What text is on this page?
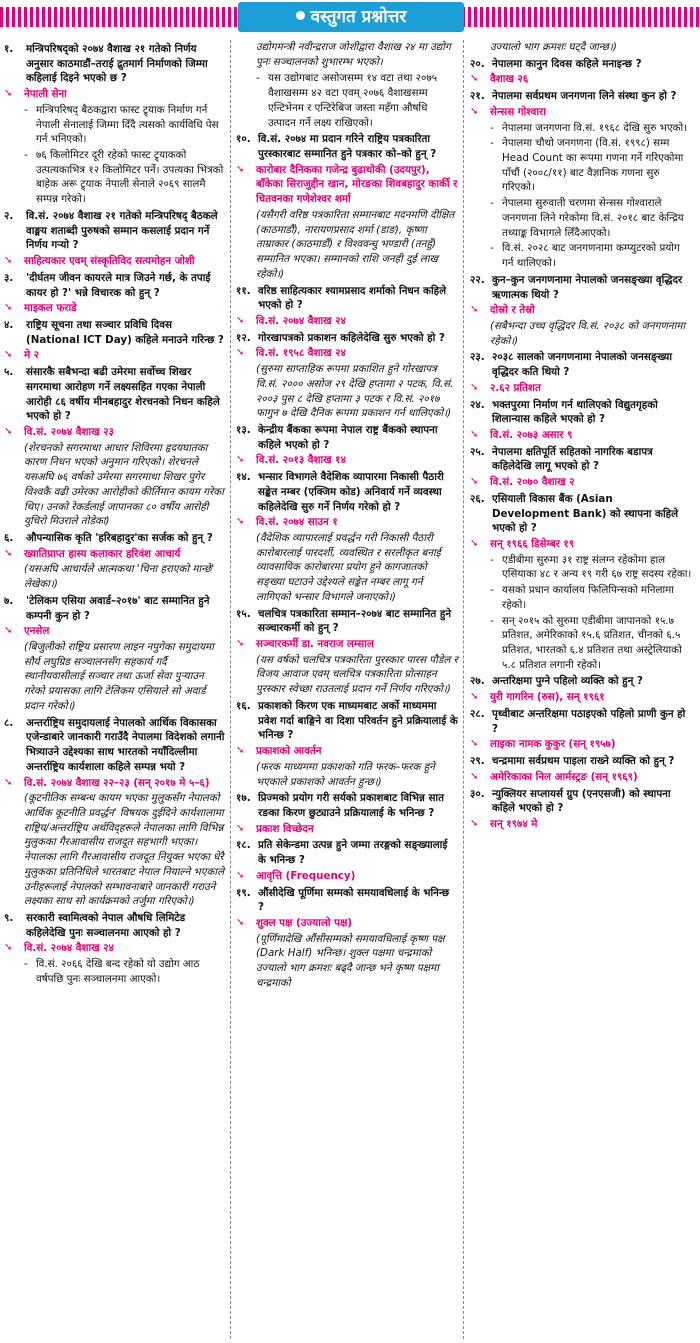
वस्तुगत प्रश्नोत्तर
१.	मन्त्रिपरिषद्को २०७४ वैशाख २१ गतेको निर्णय अनुसार काठमाडौं–तराई द्रुतमार्ग निर्माणको जिम्मा कहिलाई दिइने भएको छ ?
➘	नेपाली सेना
- मन्त्रिपरिषद् बैठकद्वारा फास्ट ट्र्याक निर्माण गर्न नेपाली सेनालाई जिम्मा दिँदै त्यसको कार्यविधि पेस गर्न भनिएको।
- ७६ किलोमिटर दूरी रहेको फास्ट ट्र्याकको उत्पत्यकाभित्र १२ किलोमिटर पर्ने। उपत्यका भित्रको बाहेक अरू ट्र्याक नेपाली सेनाले २०६९ सालमै सम्पन्न गरेको।
२.	वि.सं. २०७४ वैशाख २१ गतेको मन्त्रिपरिषद् बैठकले वाङ्मय शताब्दी पुरुषको सम्मान कसलाई प्रदान गर्ने निर्णय गऱ्यो ?
➘	साहित्यकार एवम् संस्कृतिविद सत्यमोहन जोशी
३.	'दीर्घतम जीवन कायरले मात्र जिउने गर्छ, के तपाई कायर हो ?' भन्ने विचारक को हुन् ?
➘	माइकल फराडे
४.	राष्ट्रिय सूचना तथा सञ्चार प्रविधि दिवस (National ICT Day) कहिले मनाउने गरिन्छ ?
➘	मे २
५.	संसारकै सबैभन्दा बढी उमेरमा सर्वोच्च शिखर सगरमाथा आरोहण गर्ने लक्ष्यसहित गएका नेपाली आरोही ८६ वर्षीय मीनबहादुर शेरचनको निधन कहिले भएको हो ?
➘	वि.सं. २०७४ वैशाख २३
(शेरचनको सगरमाथा आधार शिविरमा हृदयघातका कारण निधन भएको अनुमान गरिएको। शेरचनले यसअघि ७६ वर्षको उमेरमा सगरमाथा शिखर पुगेर विश्वकै वढी उमेरका आरोहीको कीर्तिमान कायम गरेका थिए। उनको रेकर्डलाई जापानका ८० वर्षीय आरोही युचिरो मिउराले तोडेका)
६.	औपन्यासिक कृति 'हरिबहादुर'का सर्जक को हुन् ?
➘	ख्यातिप्राप्त हास्य कलाकार हरिवंश आचार्य
(यसअघि आचार्यले आत्मकथा 'चिना हराएको मान्छे' लेखेका।)
७.	'टेलिकम एसिया अवार्ड–२०१७' बाट सम्मानित हुने कम्पनी कुन हो ?
➘	एनसेल
(बिजुलीको राष्ट्रिय प्रसारण लाइन नपुगेका समुदायमा सौर्य लघुग्रिड सञ्चालनसँग सहकार्य गर्दै स्थानीयवासीलाई सञ्चार तथा ऊर्जा सेवा पुऱ्याउन गरेको प्रयासका लागि टेलिकम एसियाले सो अवार्ड प्रदान गरेको।)
८.	अन्तर्राष्ट्रिय समुदायलाई नेपालको आर्थिक विकासका एजेन्डाबारे जानकारी गराउँदै नेपालमा विदेशको लगानी भित्र्याउने उद्देश्यका साथ भारतको नयाँदिल्लीमा अन्तर्राष्ट्रिय कार्यशाला कहिले सम्पन्न भयो ?
➘	वि.सं. २०७४ वैशाख २२–२३ (सन् २०१७ मे ५–६)
(कूटनीतिक सम्बन्ध कायम भएका मुलुकसँग नेपालको आर्थिक कूटनीति प्रवर्द्धन' विषयक दुईदिने कार्यशालामा राष्ट्रिय/अन्तर्राष्ट्रिय अर्थविद्हरूले नेपालका लागि विभिन्न मुलुकका गैरआवासीय राजदूत सहभागी भएका। नेपालका लागि गैरआवासीय राजदूत नियुक्त भएका धेरै मुलुकका प्रतिनिधिले भारतबाट नेपाल नियाल्ने भएकाले उनीहरूलाई नेपालको सम्भावनाबारे जानकारी गराउने लक्ष्यका साथ सो कार्यक्रमको तर्जुमा गरिएको।)
९.	सरकारी स्वामित्वको नेपाल औषधि लिमिटेड कहिलेदेखि पुनः सञ्चालनमा आएको हो ?
➘	वि.सं. २०७४ वैशाख २४
- वि.सं. २०६६ देखि बन्द रहेको यो उद्योग आठ वर्षपछि पुनः सञ्चालनमा आएको।
उद्योगमन्त्री नवीन्द्रराज जोशीद्वारा वैशाख २४ मा उद्योग पुनः सञ्चालनको शुभारम्भ भएको।
- यस उद्योगबाट असोजसम्म १४ वटा तथा २०७५ वैशाखसम्म ४२ वटा एवम् २०७६ वैशाखसम्म एन्टिभेनम र एन्टिरेबिज जस्ता महँगा औषधि उत्पादन गर्ने लक्ष्य राखिएको।
१०. वि.सं. २०७४ मा प्रदान गरिने राष्ट्रिय पत्रकारिता पुरस्कारबाट सम्मानित हुने पत्रकार को–को हुन् ?
➘	कारोबार दैनिकका गजेन्द्र बुढाथोकी (उदयपुर), बाँकेका सिराजुद्दीन खान, मोरङका शिवबहादुर कार्की र चितवनका गणेशेश्वर शर्मा
(यसैगरी वरिष्ठ पत्रकारिता सम्मानबाट मदनमणि दीक्षित (काठमाडौं), नारायणप्रसाद शर्मा (डाङ), कृष्णा ताम्राकार (काठमाडौं) र विश्ववन्धु भण्डारी (तनहुँ) सम्मानित भएका। सम्मानको राशि जनही दुई लाख रहेको।)
११. वरिष्ठ साहित्यकार श्यामप्रसाद शर्माको निधन कहिले भएको हो ?
➘	वि.सं. २०७४ वैशाख २४
१२. गोरखापत्रको प्रकाशन कहिलेदेखि सुरु भएको हो ?
➘	वि.सं. १९५८ वैशाख २४
(सुरुमा साप्ताहिक रूपमा प्रकाशित हुने गोरखापत्र वि.सं. २००० असोज २९ देखि हप्तामा २ पटक, वि.सं. २००३ पुस ८ देखि हप्तामा ३ पटक र वि.सं. २०१७ फागुन ७ देखि दैनिक रूपमा प्रकाशन गर्न थालिएको।)
१३. केन्द्रीय बैंकका रूपमा नेपाल राष्ट्र बैंकको स्थापना कहिले भएको हो ?
➘	वि.सं. २०१३ वैशाख १४
१४. भन्सार विभागले वैदेशिक व्यापारमा निकासी पैठारी सङ्केत नम्बर (एक्जिम कोड) अनिवार्य गर्ने व्यवस्था कहिलेदेखि सुरु गर्ने निर्णय गरेको हो ?
➘	वि.सं. २०७४ साउन १
(वैदेशिक व्यापारलाई प्रवर्द्धन गरी निकासी पैठारी कारोबारलाई पारदर्शी, व्यवस्थित र सरलीकृत बनाई व्यावसायिक कारोबारमा प्रयोग हुने कागजातको सङ्ख्या घटाउने उद्देश्यले सङ्केत नम्बर लागू गर्न लागिएको भन्सार विभागले जनाएको।)
१५. चलचित्र पत्रकारिता सम्मान–२०७४ बाट सम्मानित हुने सञ्चारकर्मी को हुन् ?
➘	सञ्चारकर्मी डा. नवराज लम्साल
(यस वर्षको चलचित्र पत्रकारिता पुरस्कार पारस पौडेल र विजय आवाज एवम् चलचित्र पत्रकारिता प्रोत्साहन पुरस्कार स्वेच्छा राउतलाई प्रदान गर्ने निर्णय गरिएको।)
१६. प्रकाशको किरण एक माध्यमबाट अर्को माध्यममा प्रवेश गर्दा बाङ्गिने वा दिशा परिवर्तन हुने प्रक्रियालाई के भनिन्छ ?
➘	प्रकाशको आवर्तन
(फरक माध्यममा प्रकाशको गति फरक–फरक हुने भएकाले प्रकाशको आवर्तन हुन्छ।)
१७. प्रिज्मको प्रयोग गरी सर्यको प्रकाशबाट विभिन्न सात रङका किरण छुट्याउने प्रक्रियालाई के भनिन्छ ?
➘	प्रकाश विच्छेदन
१८. प्रति सेकेन्डमा उत्पन्न हुने जम्मा तरङ्गको सङ्ख्यालाई के भनिन्छ ?
➘	आवृत्ति (Frequency)
१९. औंसीदेखि पूर्णिमा सम्मको समयावधिलाई के भनिन्छ ?
➘	शुक्ल पक्ष (उज्यालो पक्ष)
(पूर्णिमादेखि औंसीसम्मको समयावधिलाई कृष्ण पक्ष (Dark Half) भनिन्छ। शुक्ल पक्षमा चन्द्रमाको उज्यालो भाग क्रमशः बढ्दै जान्छ भने कृष्ण पक्षमा चन्द्रमाको
उज्यालो भाग क्रमशः घट्दै जान्छ।)
२०. नेपालमा कानुन दिवस कहिले मनाइन्छ ?
➘	वैशाख २६
२१. नेपालमा सर्वप्रथम जनगणना लिने संस्था कुन हो ?
➘	सेन्सस गोश्वारा
- नेपालमा जनगणना वि.सं. १९६८ देखि सुरु भएको।
- नेपालमा चौथो जनगणना (वि.सं. १९९८) सम्म Head Count का रूपमा गणना गर्ने गरिएकोमा पाँचौं (२००८/११) बाट वैज्ञानिक गणना सुरु गरिएको।
- नेपालमा सुरुवाती चरणमा सेन्सस गोश्वाराले जनगणना लिने गरेकोमा वि.सं. २०१८ बाट केन्द्रिय तथ्याङ्क विभागले लिँदैआएको।
- वि.सं. २०२८ बाट जनगणनामा कम्प्युटरको प्रयोग गर्न थालिएको।
२२. कुन–कुन जनगणनामा नेपालको जनसङ्ख्या वृद्धिदर ऋणात्मक थियो ?
➘	दोस्रो र तेस्रो
(सबैभन्दा उच्च वृद्धिदर वि.सं. २०३८ को जनगणनामा रहेको।)
२३. २०३८ सालको जनगणनामा नेपालको जनसङ्ख्या वृद्धिदर कति थियो ?
➘	२.६२ प्रतिशत
२४. भक्तपुरमा निर्माण गर्न थालिएको विद्युतगृहको शिलान्यास कहिले भएको हो ?
➘	वि.सं. २०७३ असार ९
२५. नेपालमा क्षतिपूर्ति सहितको नागरिक बडापत्र कहिलेदेखि लागू भएको हो ?
➘	वि.सं. २०७० वैशाख २
२६. एसियाली विकास बैंक (Asian Development Bank) को स्थापना कहिले भएको हो ?
➘	सन् १९६६ डिसेम्बर १९
- एडीबीमा सुरुमा ३१ राष्ट्र संलग्न रहेकोमा हाल एसियाका ४८ र अन्य १९ गरी ६७ राष्ट्र सदस्य रहेका।
- यसको प्रधान कार्यालय फिलिपिन्सको मनिलामा रहेको।
- सन् २०१५ को सुरुमा एडीबीमा जापानको १५.७ प्रतिशत, अमेरिकाको १५.६ प्रतिशत, चीनको ६.५ प्रतिशत, भारतको ६.४ प्रतिशत तथा अस्ट्रेलियाको ५.८ प्रतिशत लगानी रहेको।
२७. अन्तरिक्षमा पुग्ने पहिलो व्यक्ति को हुन् ?
➘	युरी गागरिन (रुस), सन् १९६१
२८. पृथ्वीबाट अन्तरिक्षमा पठाइएको पहिलो प्राणी कुन हो ?
➘	लाइका नामक कुकुर (सन् १९५७)
२९. चन्द्रमामा सर्वप्रथम पाइला राख्ने व्यक्ति को हुन् ?
➘	अमेरिकाका निल आर्मस्ट्रङ (सन् १९६९)
३०. न्युक्लियर सप्लायर्स ग्रुप (एनएसजी) को स्थापना कहिले भएको हो ?
➘	सन् १९७४ मे
